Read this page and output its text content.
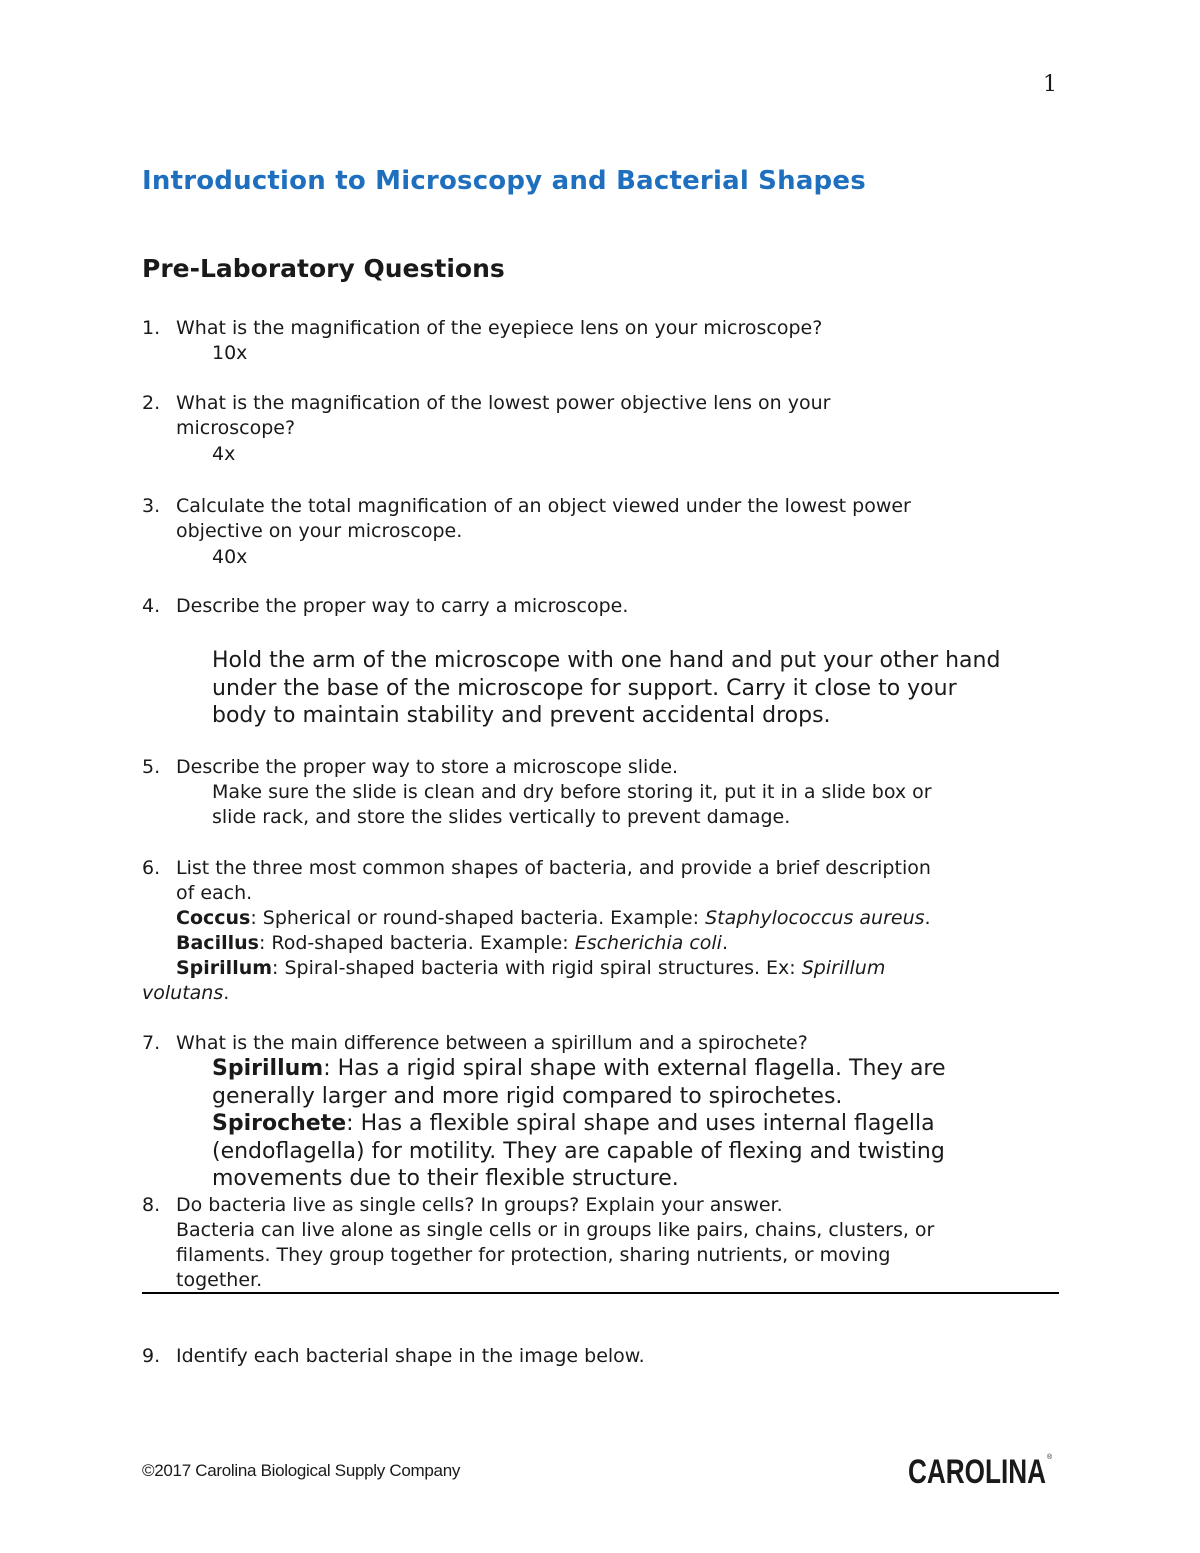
1
Introduction to Microscopy and Bacterial Shapes
Pre-Laboratory Questions
1. What is the magnification of the eyepiece lens on your microscope?
10x
2. What is the magnification of the lowest power objective lens on your
microscope?
4x
3. Calculate the total magnification of an object viewed under the lowest power
objective on your microscope.
40x
4. Describe the proper way to carry a microscope.
Hold the arm of the microscope with one hand and put your other hand
under the base of the microscope for support. Carry it close to your
body to maintain stability and prevent accidental drops.
5. Describe the proper way to store a microscope slide.
Make sure the slide is clean and dry before storing it, put it in a slide box or
slide rack, and store the slides vertically to prevent damage.
6. List the three most common shapes of bacteria, and provide a brief description
of each.
Coccus: Spherical or round-shaped bacteria. Example: Staphylococcus aureus.
Bacillus: Rod-shaped bacteria. Example: Escherichia coli.
Spirillum: Spiral-shaped bacteria with rigid spiral structures. Ex: Spirillum
volutans.
7. What is the main difference between a spirillum and a spirochete?
Spirillum: Has a rigid spiral shape with external flagella. They are
generally larger and more rigid compared to spirochetes.
Spirochete: Has a flexible spiral shape and uses internal flagella
(endoflagella) for motility. They are capable of flexing and twisting
movements due to their flexible structure.
8. Do bacteria live as single cells? In groups? Explain your answer.
Bacteria can live alone as single cells or in groups like pairs, chains, clusters, or
filaments. They group together for protection, sharing nutrients, or moving
together.
9. Identify each bacterial shape in the image below.
©2017 Carolina Biological Supply Company	CAROLINA ®
